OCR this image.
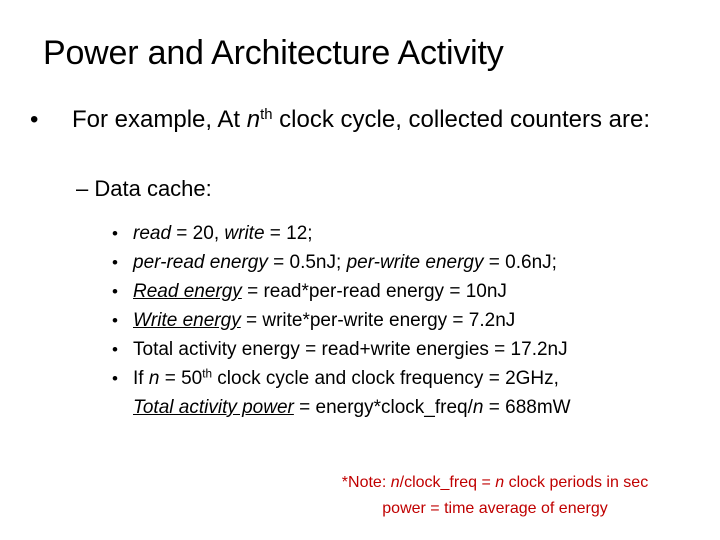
Power and Architecture Activity
• For example, At $n^{th}$ clock cycle, collected counters are:
– Data cache:
• read = 20, write = 12;
• per-read energy = 0.5nJ; per-write energy = 0.6nJ;
• Read energy = read*per-read energy = 10nJ
• Write energy = write*per-write energy = 7.2nJ
• Total activity energy = read+write energies = 17.2nJ
• If n = 50th clock cycle and clock frequency = 2GHz,
Total activity power = energy*clock_freq/n = 688mW
*Note: n/clock_freq = n clock periods in sec
power = time average of energy
